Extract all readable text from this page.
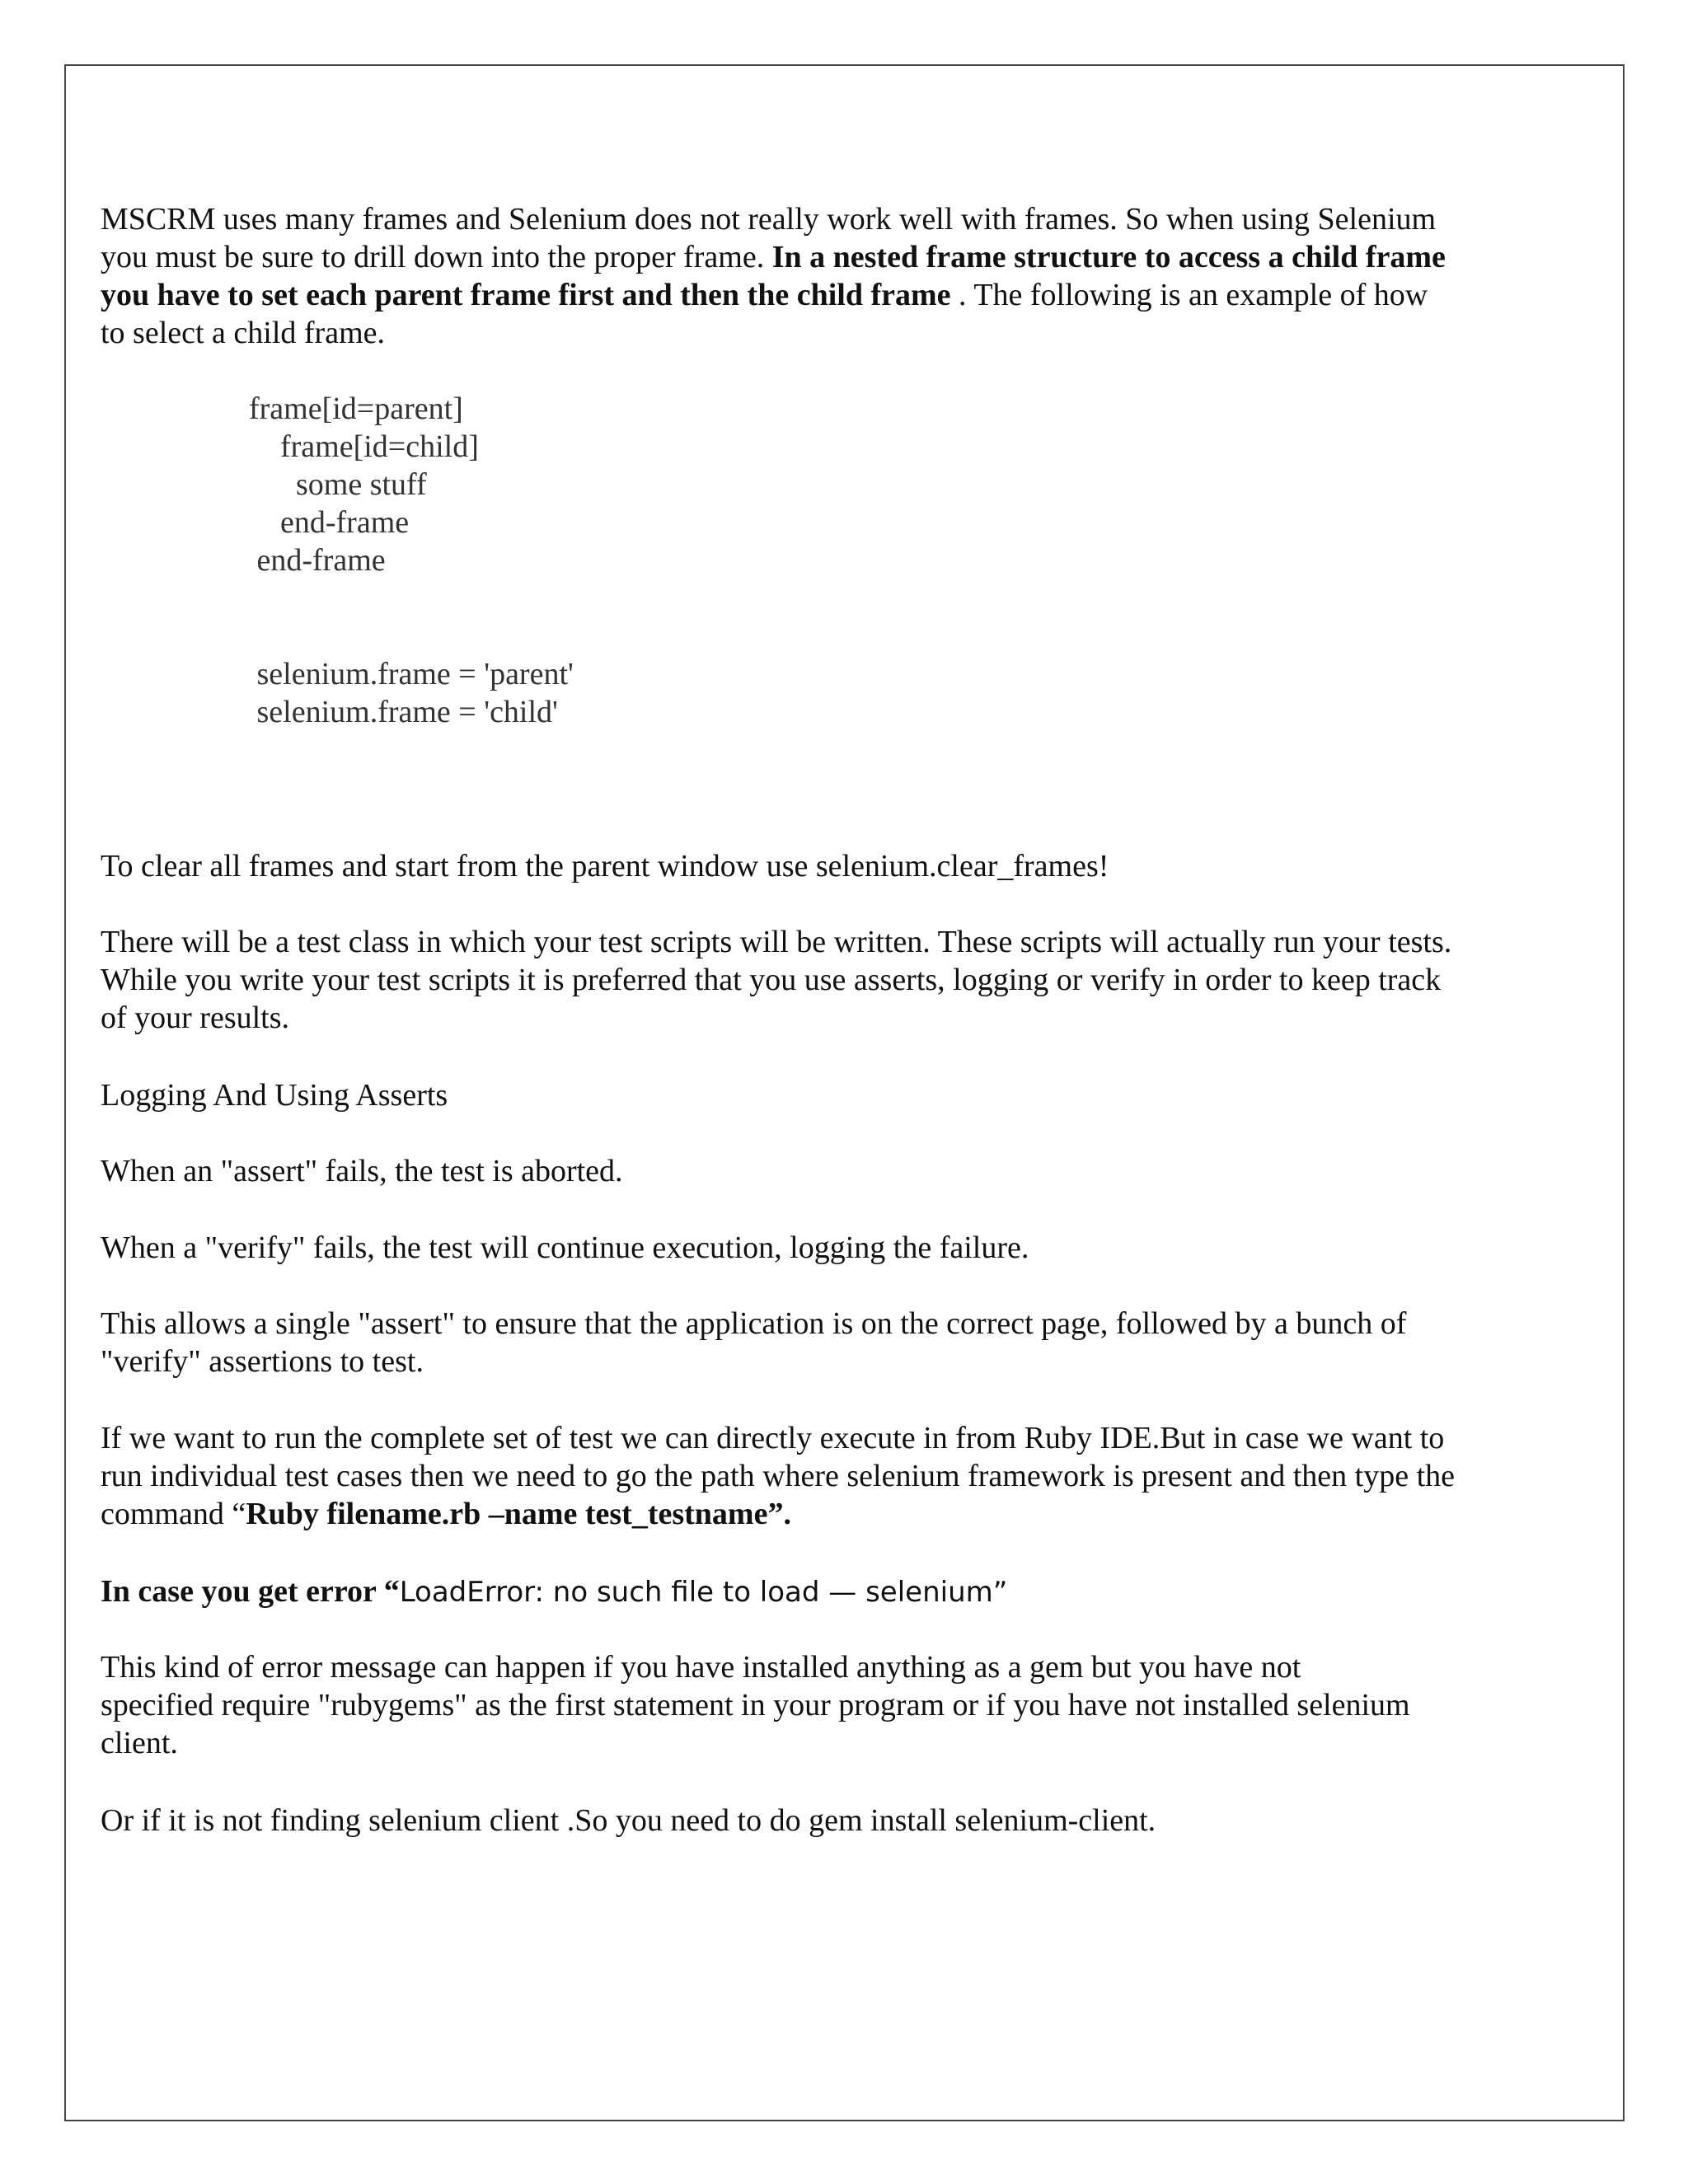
MSCRM uses many frames and Selenium does not really work well with frames. So when using Selenium you must be sure to drill down into the proper frame. In a nested frame structure to access a child frame you have to set each parent frame first and then the child frame . The following is an example of how to select a child frame.

frame[id=parent]
frame[id=child]
some stuff
end-frame
end-frame
selenium.frame = 'parent'
selenium.frame = 'child'

To clear all frames and start from the parent window use selenium.clear_frames!

There will be a test class in which your test scripts will be written. These scripts will actually run your tests. While you write your test scripts it is preferred that you use asserts, logging or verify in order to keep track of your results.

Logging And Using Asserts

When an "assert" fails, the test is aborted.

When a "verify" fails, the test will continue execution, logging the failure.

This allows a single "assert" to ensure that the application is on the correct page, followed by a bunch of "verify" assertions to test.

If we want to run the complete set of test we can directly execute in from Ruby IDE.But in case we want to run individual test cases then we need to go the path where selenium framework is present and then type the command “Ruby filename.rb –name test_testname”.

In case you get error “LoadError: no such file to load — selenium”

This kind of error message can happen if you have installed anything as a gem but you have not specified require "rubygems" as the first statement in your program or if you have not installed selenium client.

Or if it is not finding selenium client .So you need to do gem install selenium-client.
